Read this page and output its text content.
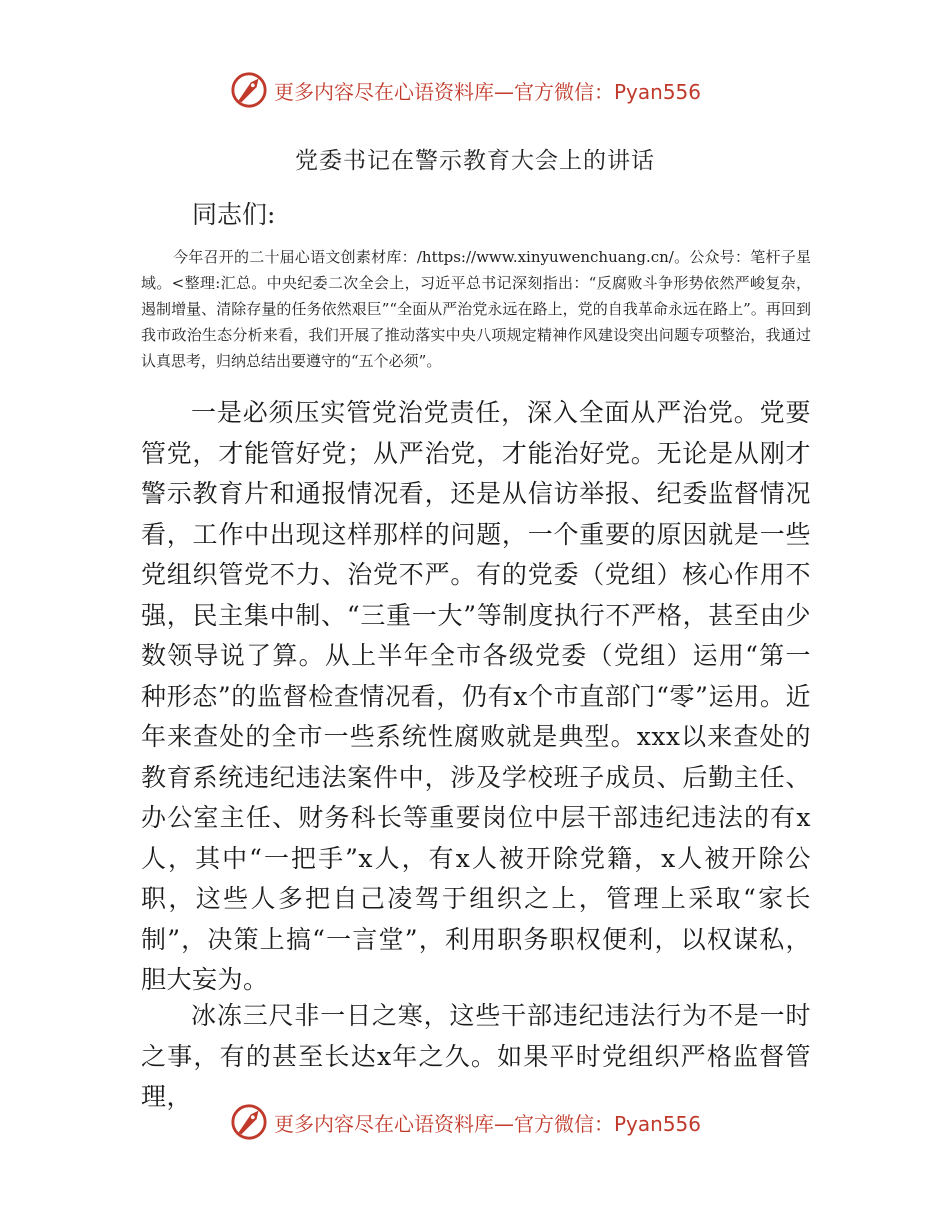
更多内容尽在心语资料库—官方微信：Pyan556
党委书记在警示教育大会上的讲话
同志们:
今年召开的二十届心语文创素材库：/https://www.xinyuwenchuang.cn/。公众号：笔杆子星域。<整理:汇总。中央纪委二次全会上，习近平总书记深刻指出：“反腐败斗争形势依然严峻复杂，遏制增量、清除存量的任务依然艰巨”“全面从严治党永远在路上，党的自我革命永远在路上”。再回到我市政治生态分析来看，我们开展了推动落实中央八项规定精神作风建设突出问题专项整治，我通过认真思考，归纳总结出要遵守的“五个必须”。
一是必须压实管党治党责任，深入全面从严治党。党要管党，才能管好党；从严治党，才能治好党。无论是从刚才警示教育片和通报情况看，还是从信访举报、纪委监督情况看，工作中出现这样那样的问题，一个重要的原因就是一些党组织管党不力、治党不严。有的党委（党组）核心作用不强，民主集中制、“三重一大”等制度执行不严格，甚至由少数领导说了算。从上半年全市各级党委（党组）运用“第一种形态”的监督检查情况看，仍有x个市直部门“零”运用。近年来查处的全市一些系统性腐败就是典型。xxx以来查处的教育系统违纪违法案件中，涉及学校班子成员、后勤主任、办公室主任、财务科长等重要岗位中层干部违纪违法的有x人，其中“一把手”x人，有x人被开除党籍，x人被开除公职，这些人多把自己凌驾于组织之上，管理上采取“家长制”，决策上搞“一言堂”，利用职务职权便利，以权谋私，胆大妄为。
冰冻三尺非一日之寒，这些干部违纪违法行为不是一时之事，有的甚至长达x年之久。如果平时党组织严格监督管理，
更多内容尽在心语资料库—官方微信：Pyan556
